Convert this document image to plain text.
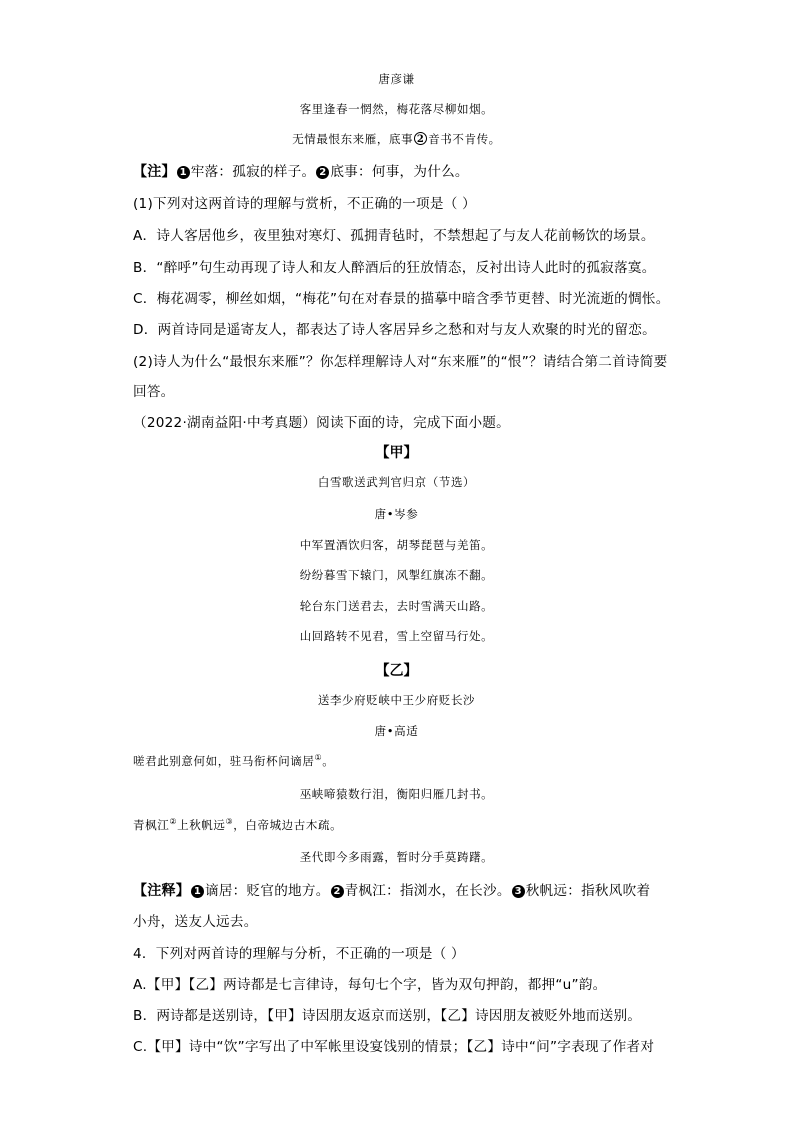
唐彦谦
客里逢春一惘然，梅花落尽柳如烟。
无情最恨东来雁，底事 2 音书不肯传。
【注】 1 牢落：孤寂的样子。 2 底事：何事，为什么。
(1)下列对这两首诗的理解与赏析，不正确的一项是（ ）
A．诗人客居他乡，夜里独对寒灯、孤拥青毡时，不禁想起了与友人花前畅饮的场景。
B．“醉呼”句生动再现了诗人和友人醉酒后的狂放情态，反衬出诗人此时的孤寂落寞。
C．梅花凋零，柳丝如烟，“梅花”句在对春景的描摹中暗含季节更替、时光流逝的惆怅。
D．两首诗同是遥寄友人，都表达了诗人客居异乡之愁和对与友人欢聚的时光的留恋。
(2)诗人为什么“最恨东来雁”？你怎样理解诗人对“东来雁”的“恨”？请结合第二首诗简要
回答。
（2022·湖南益阳·中考真题）阅读下面的诗，完成下面小题。
【甲】
白雪歌送武判官归京（节选）
唐•岑参
中军置酒饮归客，胡琴琵琶与羌笛。
纷纷暮雪下辕门，风掣红旗冻不翻。
轮台东门送君去，去时雪满天山路。
山回路转不见君，雪上空留马行处。
【乙】
送李少府贬峡中王少府贬长沙
唐•高适
嗟君此别意何如，驻马衔杯问谪居①。
巫峡啼猿数行泪，衡阳归雁几封书。
青枫江②上秋帆远③，白帝城边古木疏。
圣代即今多雨露，暂时分手莫踌躇。
【注释】 1 谪居：贬官的地方。 2 青枫江：指浏水，在长沙。 3 秋帆远：指秋风吹着
小舟，送友人远去。
4．下列对两首诗的理解与分析，不正确的一项是（ ）
A.【甲】【乙】两诗都是七言律诗，每句七个字，皆为双句押韵，都押“u”韵。
B．两诗都是送别诗，【甲】诗因朋友返京而送别，【乙】诗因朋友被贬外地而送别。
C.【甲】诗中“饮”字写出了中军帐里设宴饯别的情景；【乙】诗中“问”字表现了作者对
